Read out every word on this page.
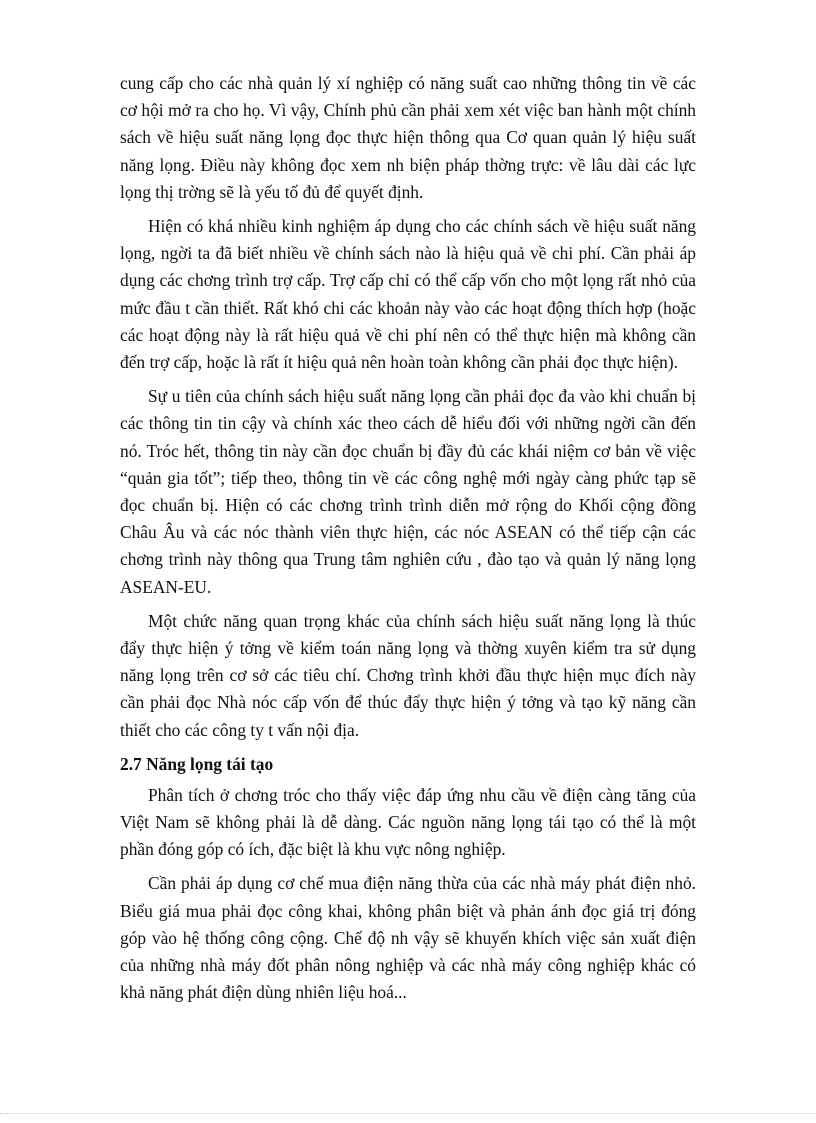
cung cấp cho các nhà quản lý xí nghiệp có năng suất cao những thông tin về các cơ hội mở ra cho họ. Vì vậy, Chính phủ cần phải xem xét việc ban hành một chính sách về hiệu suất năng lọng đọc thực hiện thông qua Cơ quan quản lý hiệu suất năng lọng. Điều này không đọc xem nh biện pháp thờng trực: về lâu dài các lực lọng thị trờng sẽ là yếu tố đủ để quyết định.

Hiện có khá nhiều kinh nghiệm áp dụng cho các chính sách về hiệu suất năng lọng, ngời ta đã biết nhiều về chính sách nào là hiệu quả về chi phí. Cần phải áp dụng các chơng trình trợ cấp. Trợ cấp chỉ có thể cấp vốn cho một lọng rất nhỏ của mức đầu t cần thiết. Rất khó chi các khoản này vào các hoạt động thích hợp (hoặc các hoạt động này là rất hiệu quả về chi phí nên có thể thực hiện mà không cần đến trợ cấp, hoặc là rất ít hiệu quả nên hoàn toàn không cần phải đọc thực hiện).

Sự u tiên của chính sách hiệu suất năng lọng cần phải đọc đa vào khi chuẩn bị các thông tin tin cậy và chính xác theo cách dễ hiểu đối với những ngời cần đến nó. Tróc hết, thông tin này cần đọc chuẩn bị đầy đủ các khái niệm cơ bản về việc “quản gia tốt”; tiếp theo, thông tin về các công nghệ mới ngày càng phức tạp sẽ đọc chuẩn bị. Hiện có các chơng trình trình diễn mở rộng do Khối cộng đồng Châu Âu và các nóc thành viên thực hiện, các nóc ASEAN có thể tiếp cận các chơng trình này thông qua Trung tâm nghiên cứu , đào tạo và quản lý năng lọng ASEAN-EU.

Một chức năng quan trọng khác của chính sách hiệu suất năng lọng là thúc đẩy thực hiện ý tởng về kiểm toán năng lọng và thờng xuyên kiểm tra sử dụng năng lọng trên cơ sở các tiêu chí. Chơng trình khởi đầu thực hiện mục đích này cần phải đọc Nhà nóc cấp vốn để thúc đẩy thực hiện ý tởng và tạo kỹ năng cần thiết cho các công ty t vấn nội địa.

2.7 Năng lọng tái tạo

Phân tích ở chơng tróc cho thấy việc đáp ứng nhu cầu về điện càng tăng của Việt Nam sẽ không phải là dễ dàng. Các nguồn năng lọng tái tạo có thể là một phần đóng góp có ích, đặc biệt là khu vực nông nghiệp.

Cần phải áp dụng cơ chế mua điện năng thừa của các nhà máy phát điện nhỏ. Biểu giá mua phải đọc công khai, không phân biệt và phản ánh đọc giá trị đóng góp vào hệ thống công cộng. Chế độ nh vậy sẽ khuyến khích việc sản xuất điện của những nhà máy đốt phân nông nghiệp và các nhà máy công nghiệp khác có khả năng phát điện dùng nhiên liệu hoá...
